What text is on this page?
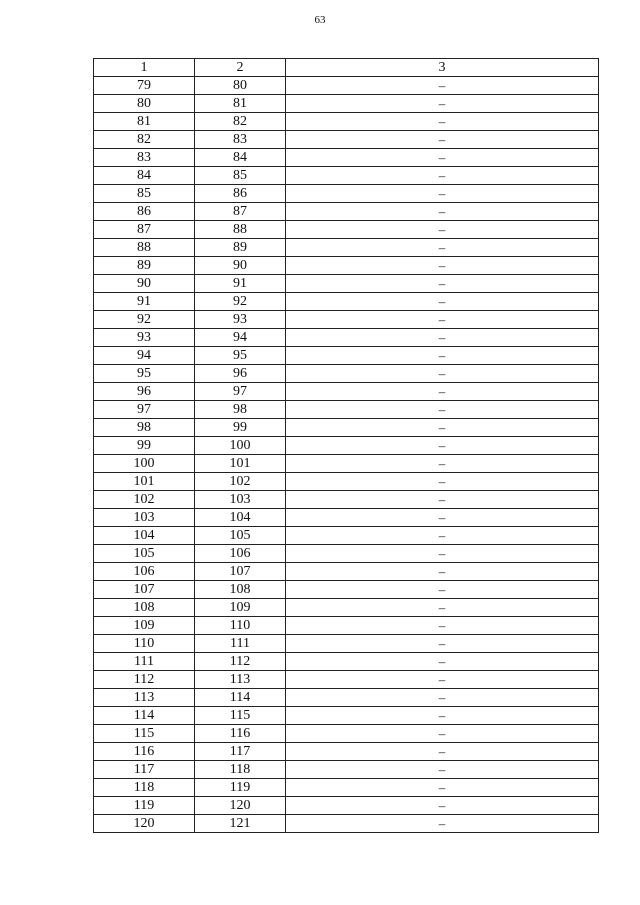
63
1	2	3
79	80	–
80	81	–
81	82	–
82	83	–
83	84	–
84	85	–
85	86	–
86	87	–
87	88	–
88	89	–
89	90	–
90	91	–
91	92	–
92	93	–
93	94	–
94	95	–
95	96	–
96	97	–
97	98	–
98	99	–
99	100	–
100	101	–
101	102	–
102	103	–
103	104	–
104	105	–
105	106	–
106	107	–
107	108	–
108	109	–
109	110	–
110	111	–
111	112	–
112	113	–
113	114	–
114	115	–
115	116	–
116	117	–
117	118	–
118	119	–
119	120	–
120	121	–
